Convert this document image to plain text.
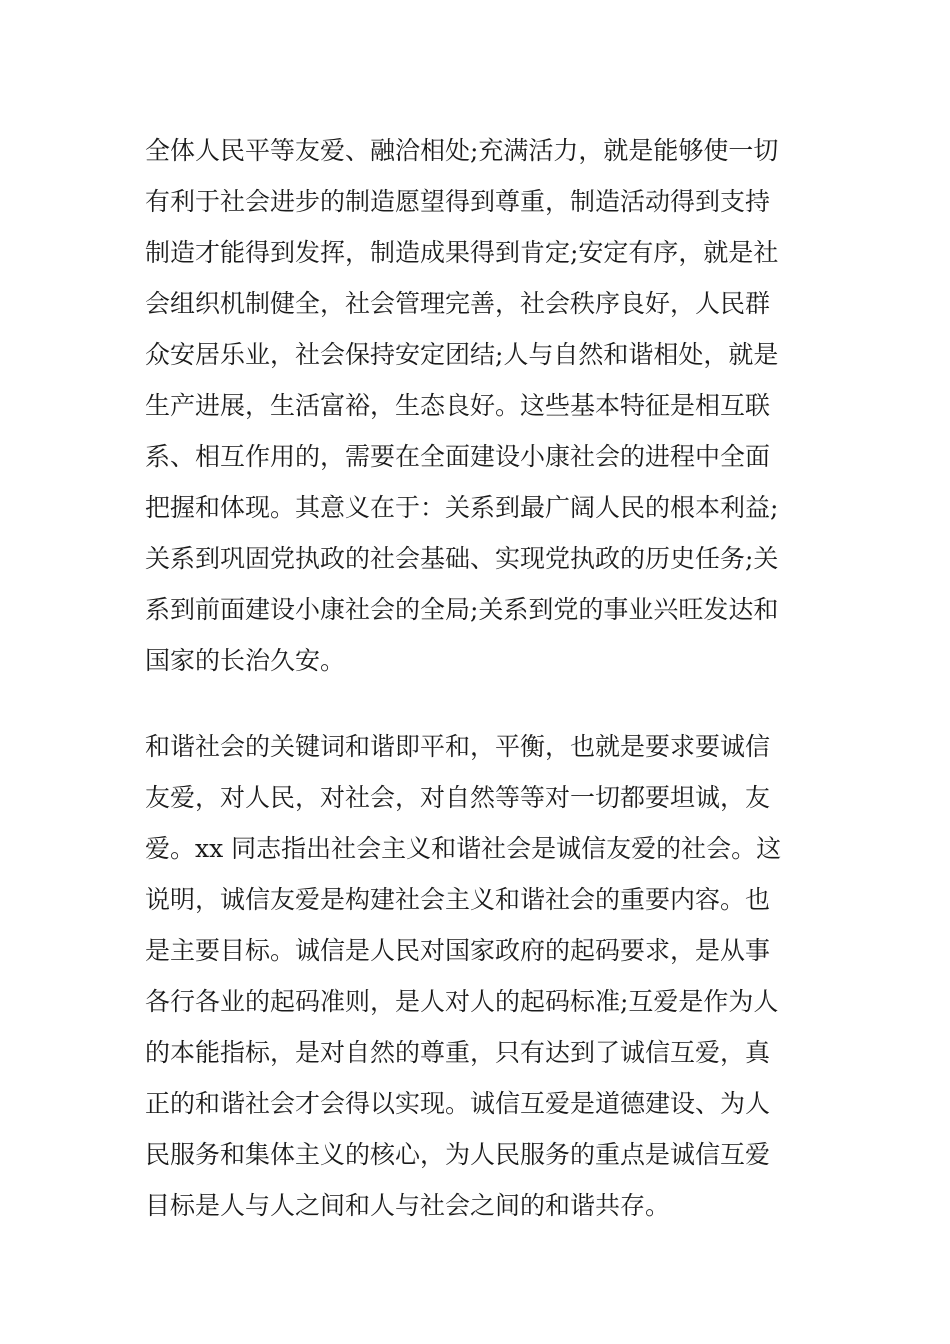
全体人民平等友爱、融洽相处;充满活力，就是能够使一切
有利于社会进步的制造愿望得到尊重，制造活动得到支持
制造才能得到发挥，制造成果得到肯定;安定有序，就是社
会组织机制健全，社会管理完善，社会秩序良好，人民群
众安居乐业，社会保持安定团结;人与自然和谐相处，就是
生产进展，生活富裕，生态良好。这些基本特征是相互联
系、相互作用的，需要在全面建设小康社会的进程中全面
把握和体现。其意义在于：关系到最广阔人民的根本利益;
关系到巩固党执政的社会基础、实现党执政的历史任务;关
系到前面建设小康社会的全局;关系到党的事业兴旺发达和
国家的长治久安。
和谐社会的关键词和谐即平和，平衡，也就是要求要诚信
友爱，对人民，对社会，对自然等等对一切都要坦诚，友
爱。xx 同志指出社会主义和谐社会是诚信友爱的社会。这
说明，诚信友爱是构建社会主义和谐社会的重要内容。也
是主要目标。诚信是人民对国家政府的起码要求，是从事
各行各业的起码准则，是人对人的起码标准;互爱是作为人
的本能指标，是对自然的尊重，只有达到了诚信互爱，真
正的和谐社会才会得以实现。诚信互爱是道德建设、为人
民服务和集体主义的核心，为人民服务的重点是诚信互爱
目标是人与人之间和人与社会之间的和谐共存。
